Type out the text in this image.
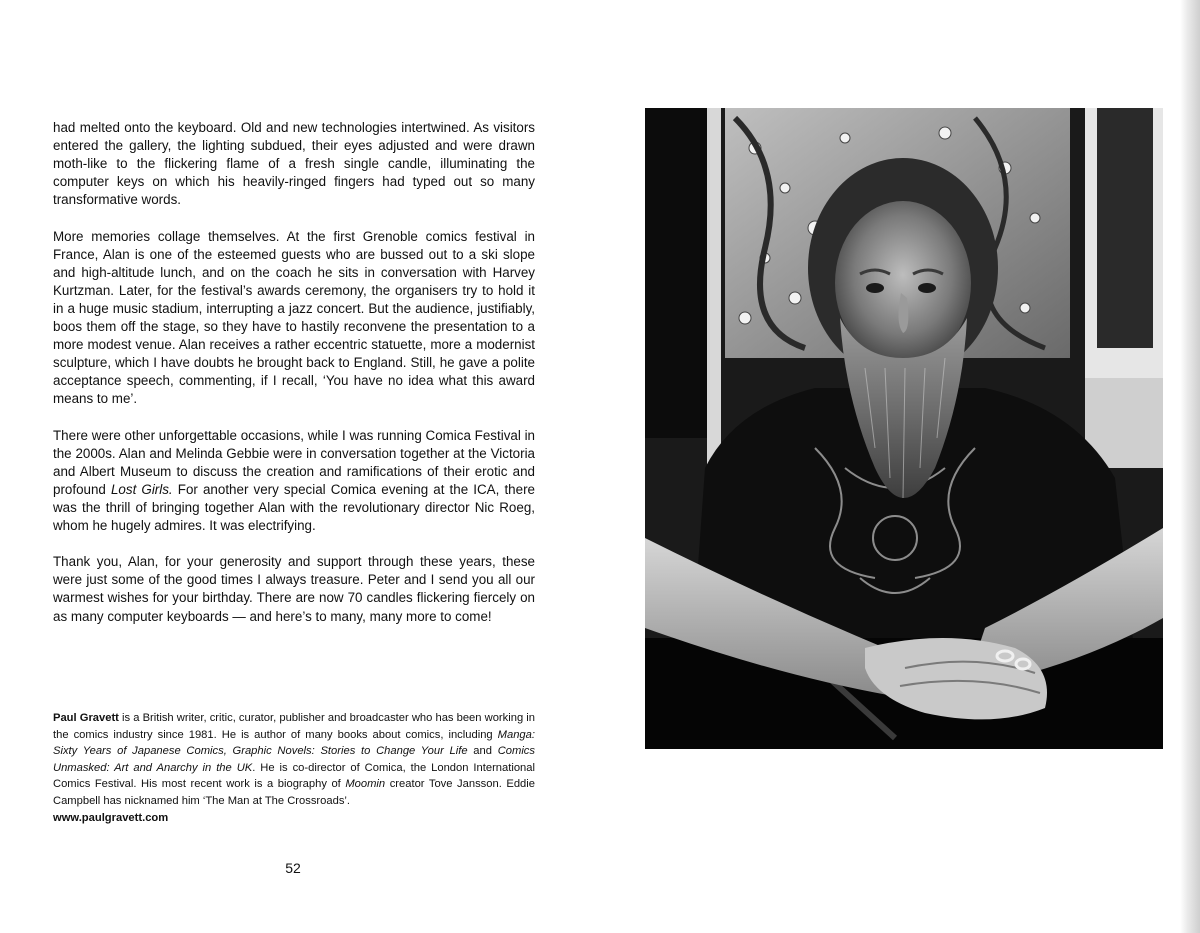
had melted onto the keyboard. Old and new technologies intertwined. As visitors entered the gallery, the lighting subdued, their eyes adjusted and were drawn moth-like to the flickering flame of a fresh single candle, illuminating the computer keys on which his heavily-ringed fingers had typed out so many transformative words.

More memories collage themselves. At the first Grenoble comics festival in France, Alan is one of the esteemed guests who are bussed out to a ski slope and high-altitude lunch, and on the coach he sits in conversation with Harvey Kurtzman. Later, for the festival’s awards ceremony, the organisers try to hold it in a huge music stadium, interrupting a jazz concert. But the audience, justifiably, boos them off the stage, so they have to hastily reconvene the presentation to a more modest venue. Alan receives a rather eccentric statuette, more a modernist sculpture, which I have doubts he brought back to England. Still, he gave a polite acceptance speech, commenting, if I recall, ‘You have no idea what this award means to me’.

There were other unforgettable occasions, while I was running Comica Festival in the 2000s. Alan and Melinda Gebbie were in conversation together at the Victoria and Albert Museum to discuss the creation and ramifications of their erotic and profound Lost Girls. For another very special Comica evening at the ICA, there was the thrill of bringing together Alan with the revolutionary director Nic Roeg, whom he hugely admires. It was electrifying.

Thank you, Alan, for your generosity and support through these years, these were just some of the good times I always treasure. Peter and I send you all our warmest wishes for your birthday. There are now 70 candles flickering fiercely on as many computer keyboards — and here’s to many, many more to come!

Paul Gravett is a British writer, critic, curator, publisher and broadcaster who has been working in the comics industry since 1981. He is author of many books about comics, including Manga: Sixty Years of Japanese Comics, Graphic Novels: Stories to Change Your Life and Comics Unmasked: Art and Anarchy in the UK. He is co-director of Comica, the London International Comics Festival. His most recent work is a biography of Moomin creator Tove Jansson. Eddie Campbell has nicknamed him ‘The Man at The Crossroads’.

www.paulgravett.com
52
